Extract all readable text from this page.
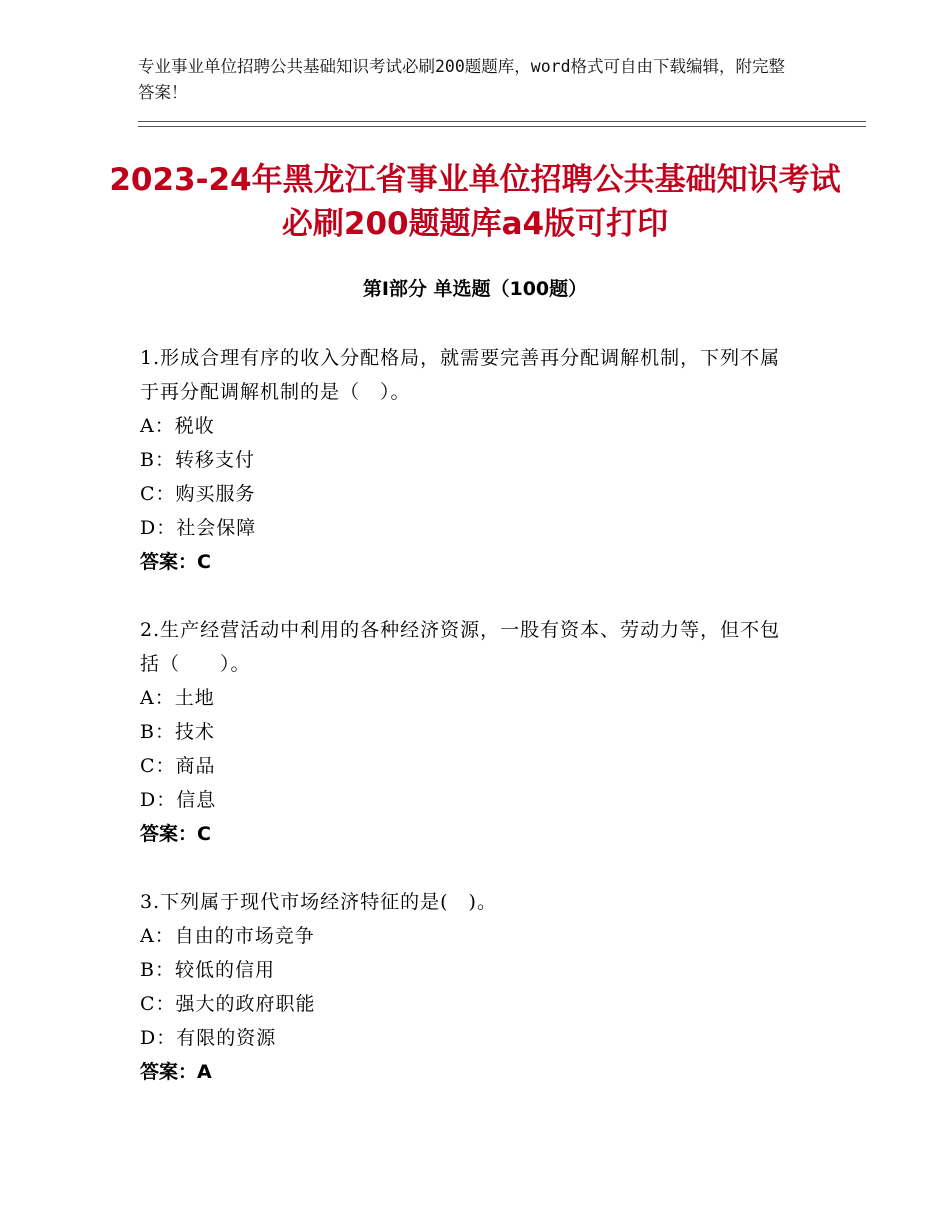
专业事业单位招聘公共基础知识考试必刷200题题库，word格式可自由下载编辑，附完整答案！
2023-24年黑龙江省事业单位招聘公共基础知识考试必刷200题题库a4版可打印
第Ⅰ部分 单选题（100题）
1.形成合理有序的收入分配格局，就需要完善再分配调解机制，下列不属于再分配调解机制的是（　）。
A：税收
B：转移支付
C：购买服务
D：社会保障
答案：C
2.生产经营活动中利用的各种经济资源，一股有资本、劳动力等，但不包括（　　）。
A：土地
B：技术
C：商品
D：信息
答案：C
3.下列属于现代市场经济特征的是(　)。
A：自由的市场竞争
B：较低的信用
C：强大的政府职能
D：有限的资源
答案：A
